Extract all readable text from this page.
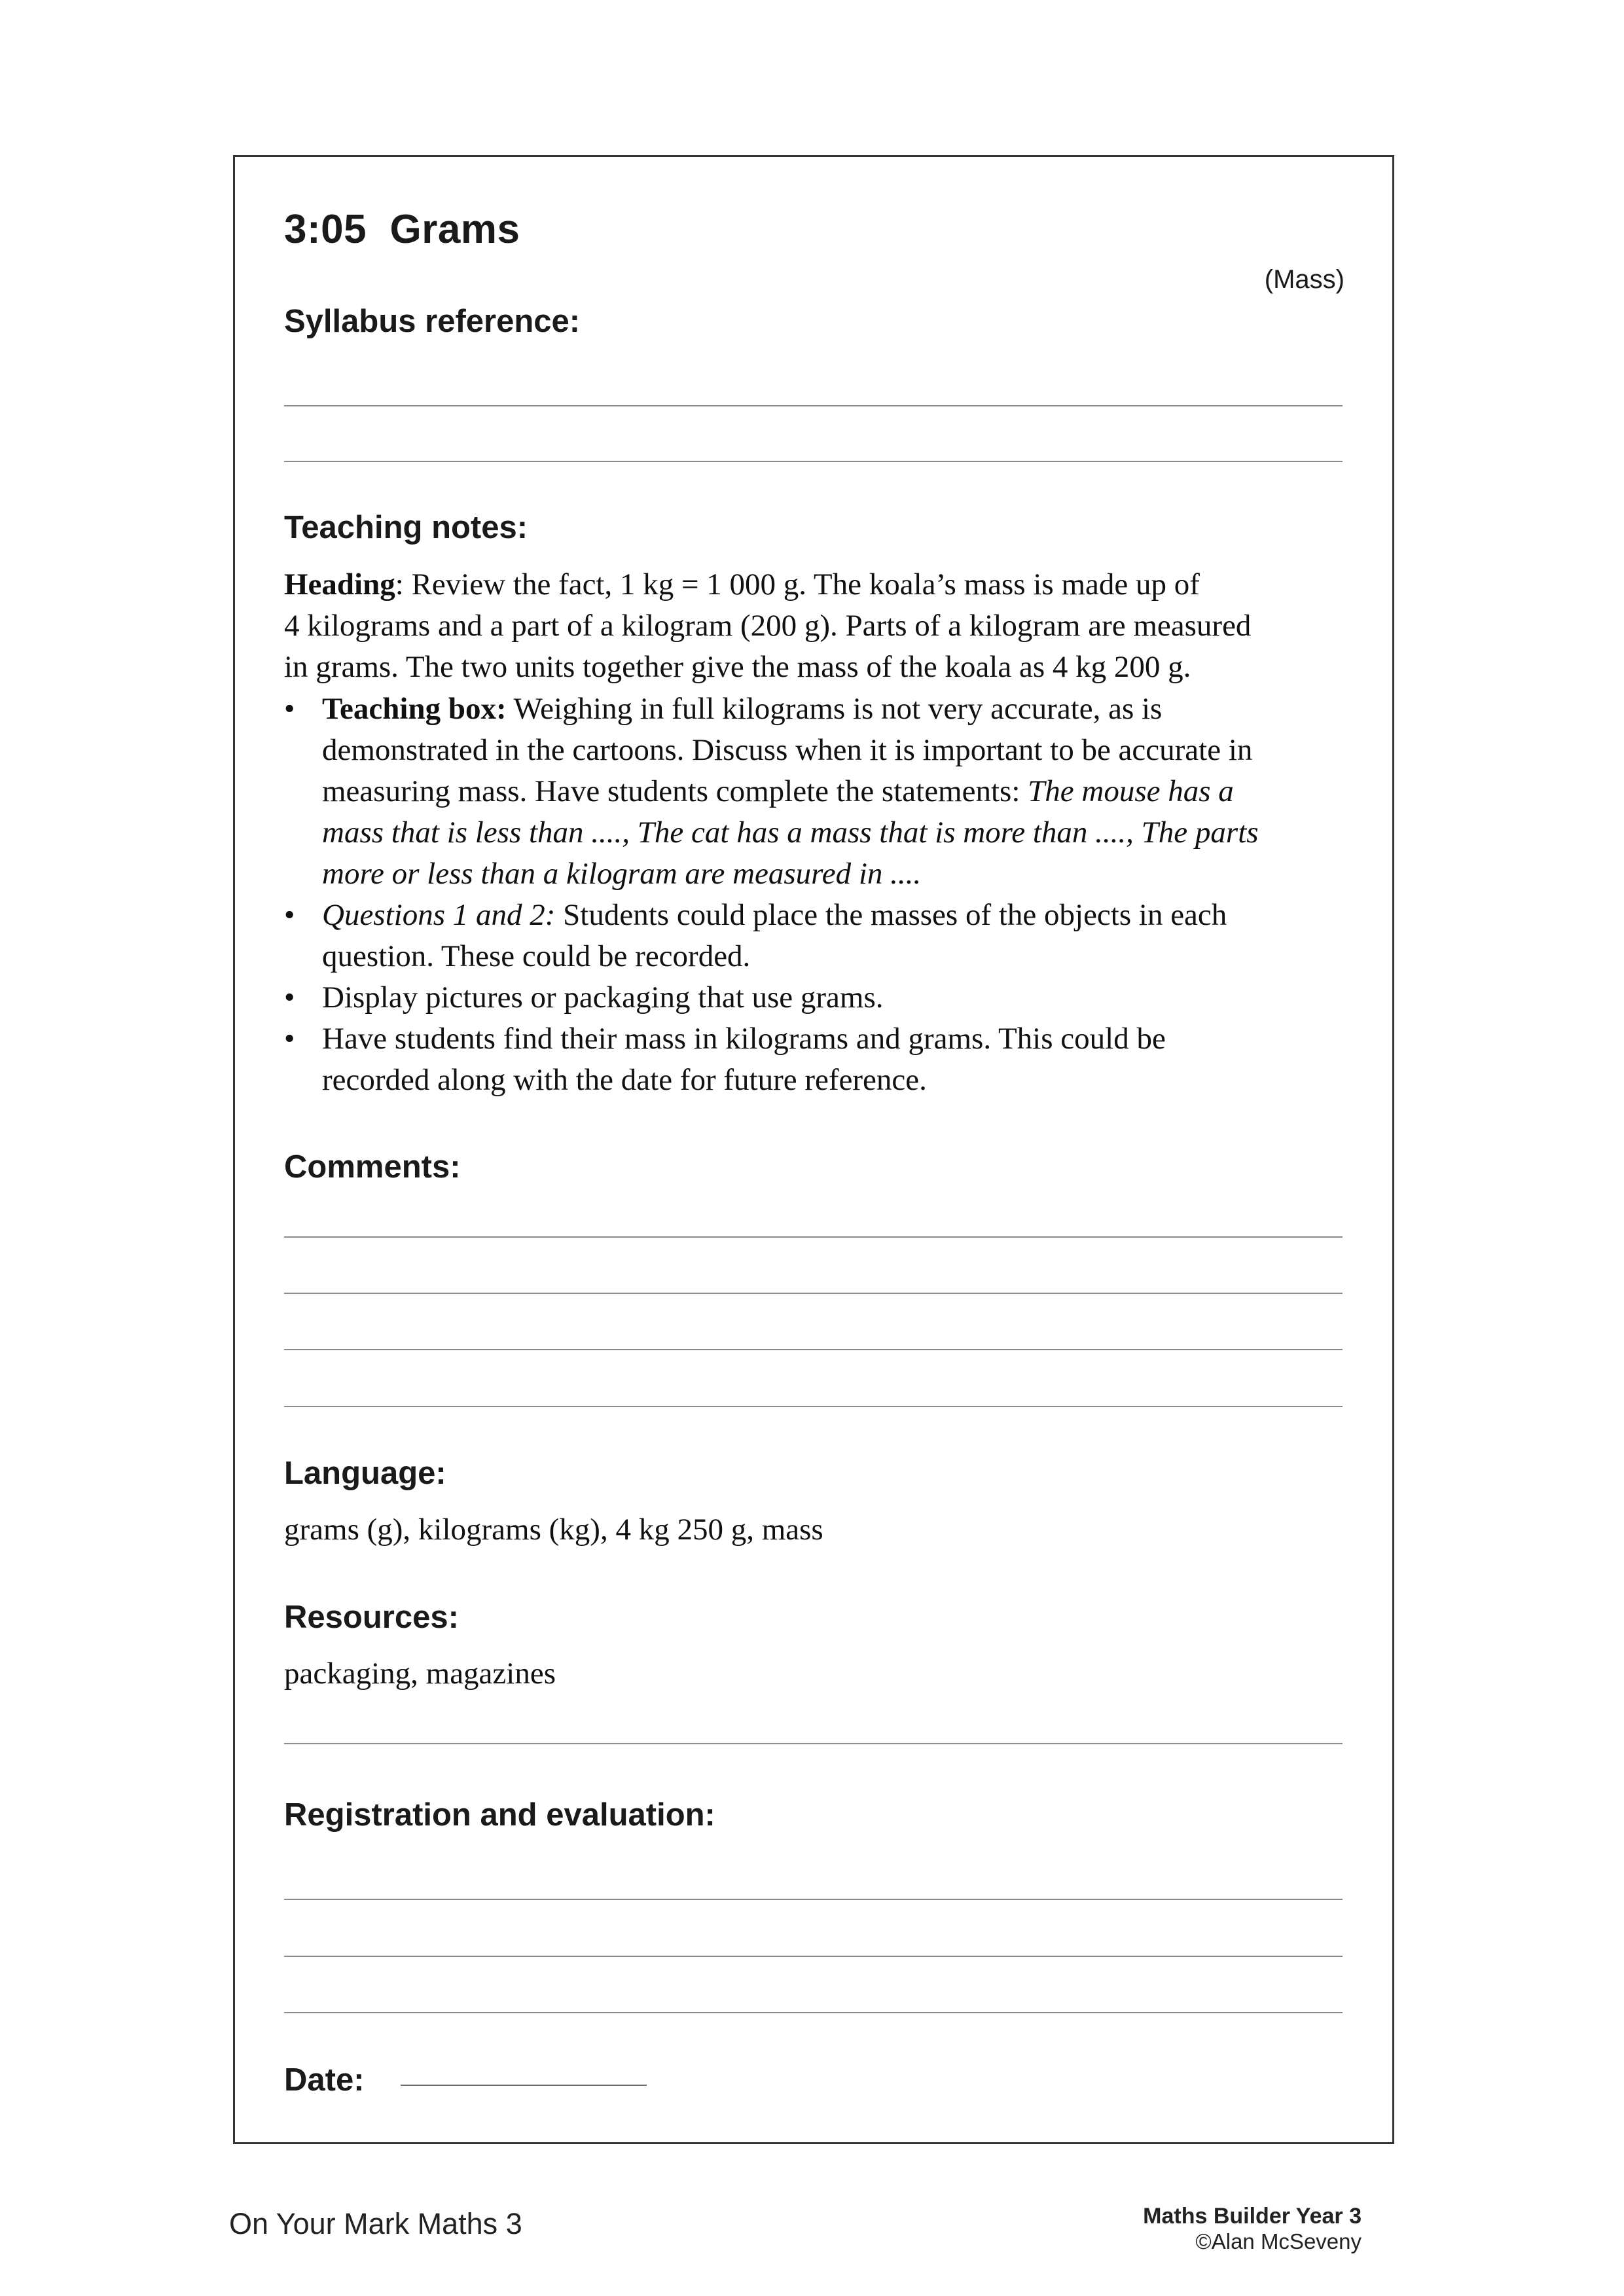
3:05  Grams
(Mass)
Syllabus reference:
Teaching notes:
Heading: Review the fact, 1 kg = 1 000 g. The koala’s mass is made up of
4 kilograms and a part of a kilogram (200 g). Parts of a kilogram are measured
in grams. The two units together give the mass of the koala as 4 kg 200 g.
• Teaching box: Weighing in full kilograms is not very accurate, as is
demonstrated in the cartoons. Discuss when it is important to be accurate in
measuring mass. Have students complete the statements: The mouse has a
mass that is less than ...., The cat has a mass that is more than ...., The parts
more or less than a kilogram are measured in ....
• Questions 1 and 2: Students could place the masses of the objects in each
question. These could be recorded.
• Display pictures or packaging that use grams.
• Have students find their mass in kilograms and grams. This could be
recorded along with the date for future reference.
Comments:
Language:
grams (g), kilograms (kg), 4 kg 250 g, mass
Resources:
packaging, magazines
Registration and evaluation:
Date:
On Your Mark Maths 3	Maths Builder Year 3
©Alan McSeveny
